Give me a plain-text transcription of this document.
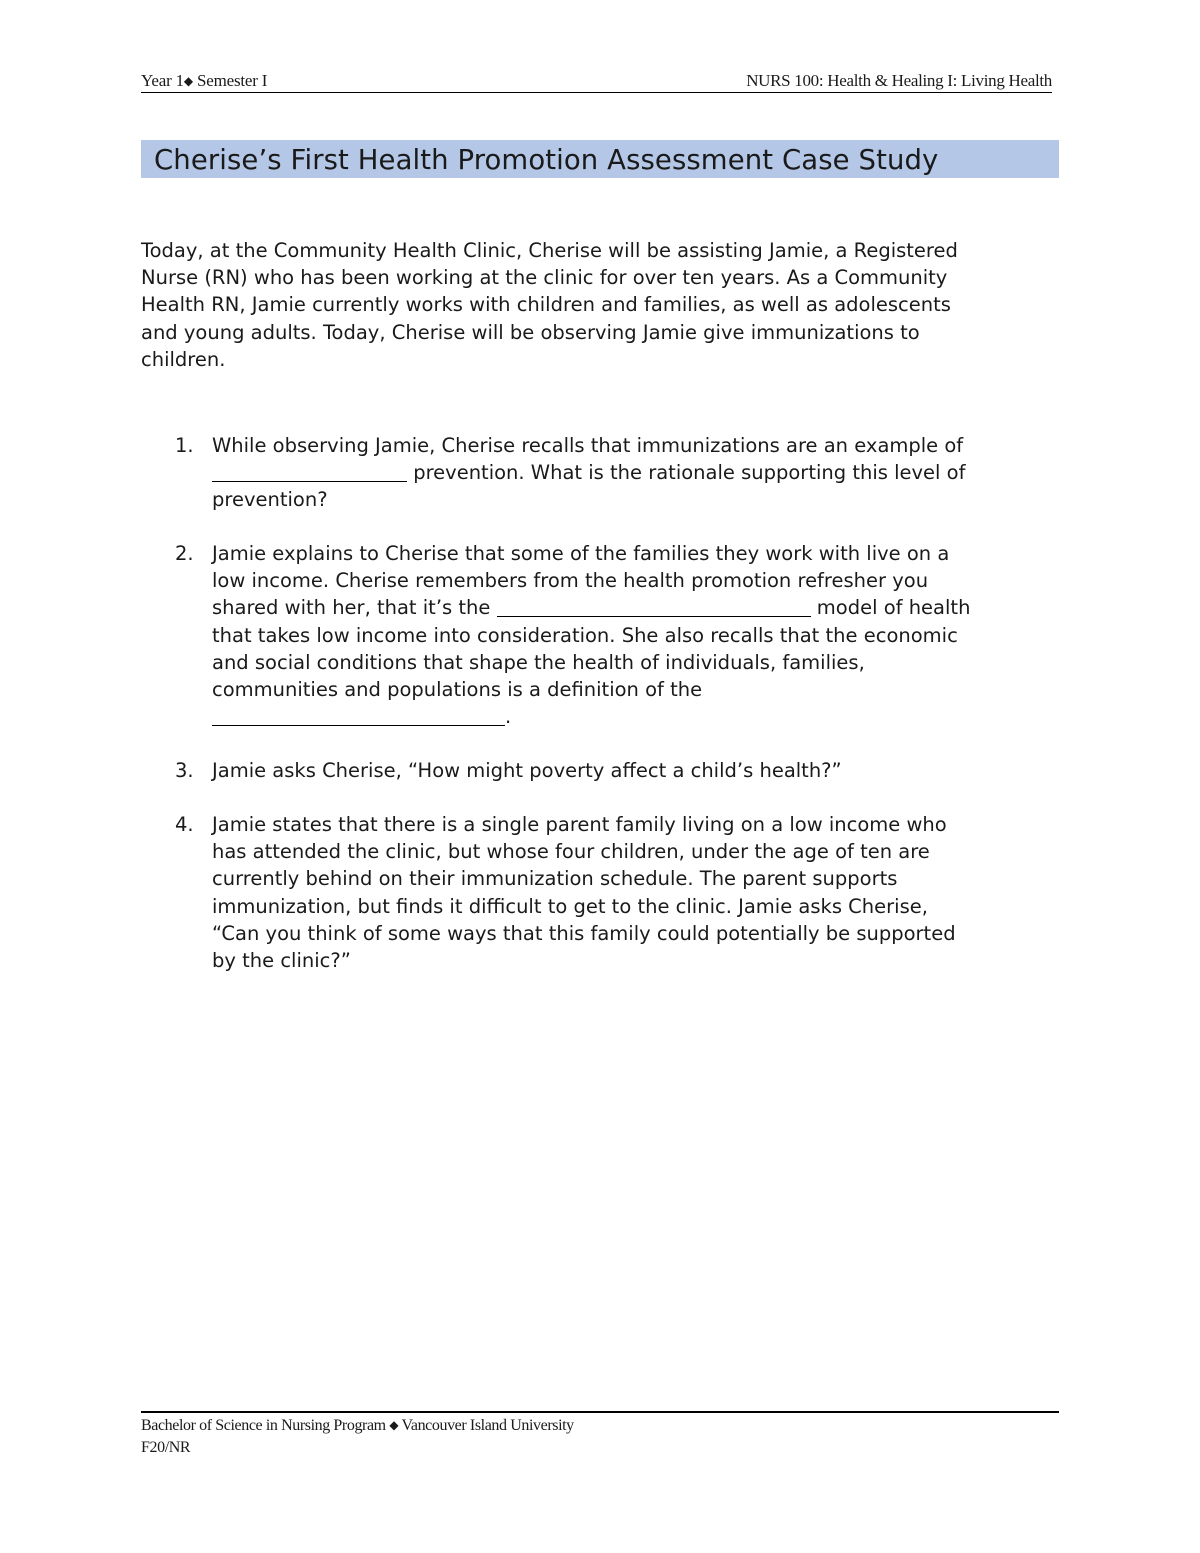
Year 1◆ Semester I	NURS 100: Health & Healing I: Living Health
Cherise’s First Health Promotion Assessment Case Study
Today, at the Community Health Clinic, Cherise will be assisting Jamie, a Registered
Nurse (RN) who has been working at the clinic for over ten years. As a Community
Health RN, Jamie currently works with children and families, as well as adolescents
and young adults. Today, Cherise will be observing Jamie give immunizations to
children.
1. While observing Jamie, Cherise recalls that immunizations are an example of
prevention. What is the rationale supporting this level of
prevention?
2. Jamie explains to Cherise that some of the families they work with live on a
low income. Cherise remembers from the health promotion refresher you
shared with her, that it’s the	model of health
that takes low income into consideration. She also recalls that the economic
and social conditions that shape the health of individuals, families,
communities and populations is a definition of the
.
3. Jamie asks Cherise, “How might poverty affect a child’s health?”
4. Jamie states that there is a single parent family living on a low income who
has attended the clinic, but whose four children, under the age of ten are
currently behind on their immunization schedule. The parent supports
immunization, but finds it difficult to get to the clinic. Jamie asks Cherise,
“Can you think of some ways that this family could potentially be supported
by the clinic?”
Bachelor of Science in Nursing Program ◆ Vancouver Island University
F20/NR
